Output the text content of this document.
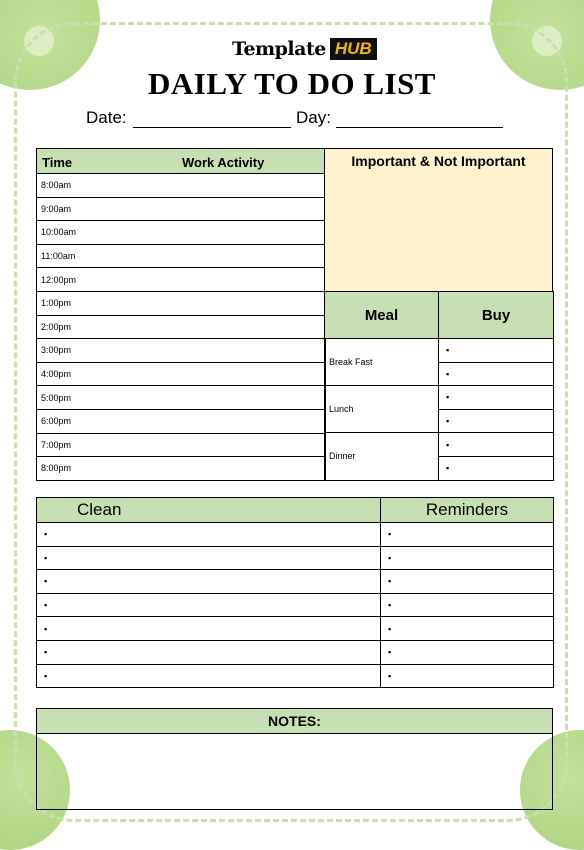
Template HUB
DAILY TO DO LIST
Date:	Day:
Time	Work Activity

8:00am
9:00am
10:00am
11:00am
12:00pm
1:00pm
2:00pm
3:00pm
4:00pm
5:00pm
6:00pm
7:00pm
8:00pm
Important & Not Important
Meal	Buy
Break Fast	▪
	▪
Lunch	▪
	▪
Dinner	▪
	▪
Clean	Reminders
▪	▪
▪	▪
▪	▪
▪	▪
▪	▪
▪	▪
▪	▪
NOTES:
